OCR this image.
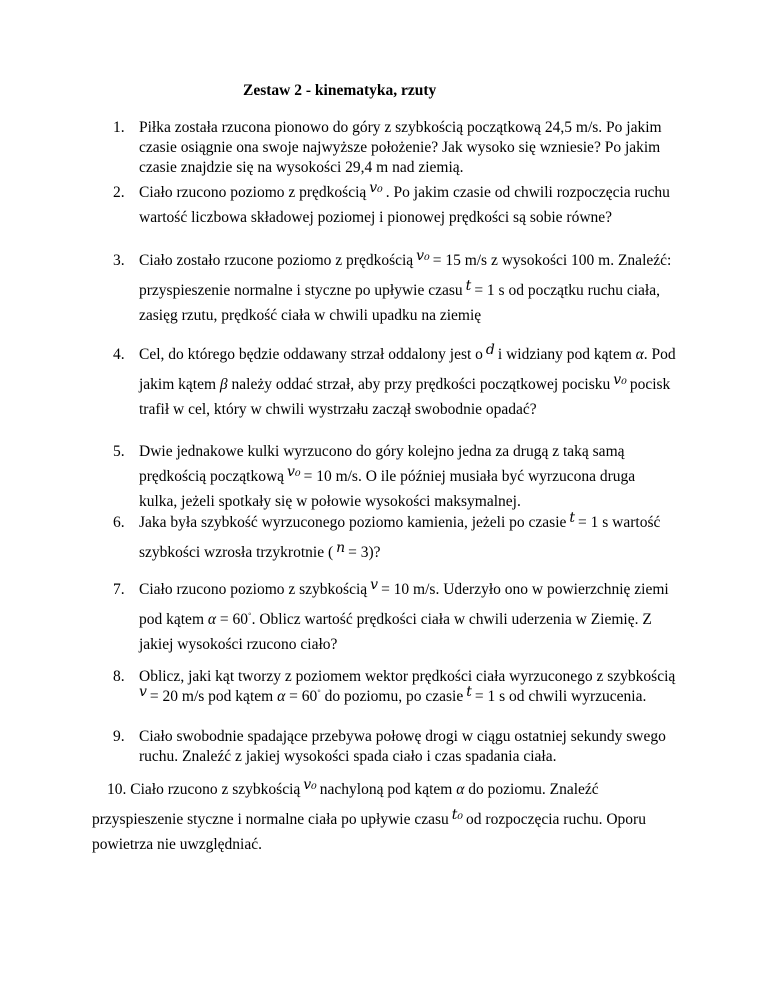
Zestaw 2 - kinematyka, rzuty
1. Piłka została rzucona pionowo do góry z szybkością początkową 24,5 m/s. Po jakim
czasie osiągnie ona swoje najwyższe położenie? Jak wysoko się wzniesie? Po jakim
czasie znajdzie się na wysokości 29,4 m nad ziemią.
2. Ciało rzucono poziomo z prędkością v₀ . Po jakim czasie od chwili rozpoczęcia ruchu
wartość liczbowa składowej poziomej i pionowej prędkości są sobie równe?
3. Ciało zostało rzucone poziomo z prędkością v₀ = 15 m/s z wysokości 100 m. Znaleźć:
przyspieszenie normalne i styczne po upływie czasu t = 1 s od początku ruchu ciała,
zasięg rzutu, prędkość ciała w chwili upadku na ziemię
4. Cel, do którego będzie oddawany strzał oddalony jest o d i widziany pod kątem α. Pod
jakim kątem β należy oddać strzał, aby przy prędkości początkowej pocisku v₀ pocisk
trafił w cel, który w chwili wystrzału zaczął swobodnie opadać?
5. Dwie jednakowe kulki wyrzucono do góry kolejno jedna za drugą z taką samą
prędkością początkową v₀ = 10 m/s. O ile później musiała być wyrzucona druga
kulka, jeżeli spotkały się w połowie wysokości maksymalnej.
6. Jaka była szybkość wyrzuconego poziomo kamienia, jeżeli po czasie t = 1 s wartość
szybkości wzrosła trzykrotnie ( n = 3)?
7. Ciało rzucono poziomo z szybkością v = 10 m/s. Uderzyło ono w powierzchnię ziemi
pod kątem α = 60◦. Oblicz wartość prędkości ciała w chwili uderzenia w Ziemię. Z
jakiej wysokości rzucono ciało?
8. Oblicz, jaki kąt tworzy z poziomem wektor prędkości ciała wyrzuconego z szybkością
v = 20 m/s pod kątem α = 60◦ do poziomu, po czasie t = 1 s od chwili wyrzucenia.
9. Ciało swobodnie spadające przebywa połowę drogi w ciągu ostatniej sekundy swego
ruchu. Znaleźć z jakiej wysokości spada ciało i czas spadania ciała.
10. Ciało rzucono z szybkością v₀ nachyloną pod kątem α do poziomu. Znaleźć
przyspieszenie styczne i normalne ciała po upływie czasu t₀ od rozpoczęcia ruchu. Oporu
powietrza nie uwzględniać.
